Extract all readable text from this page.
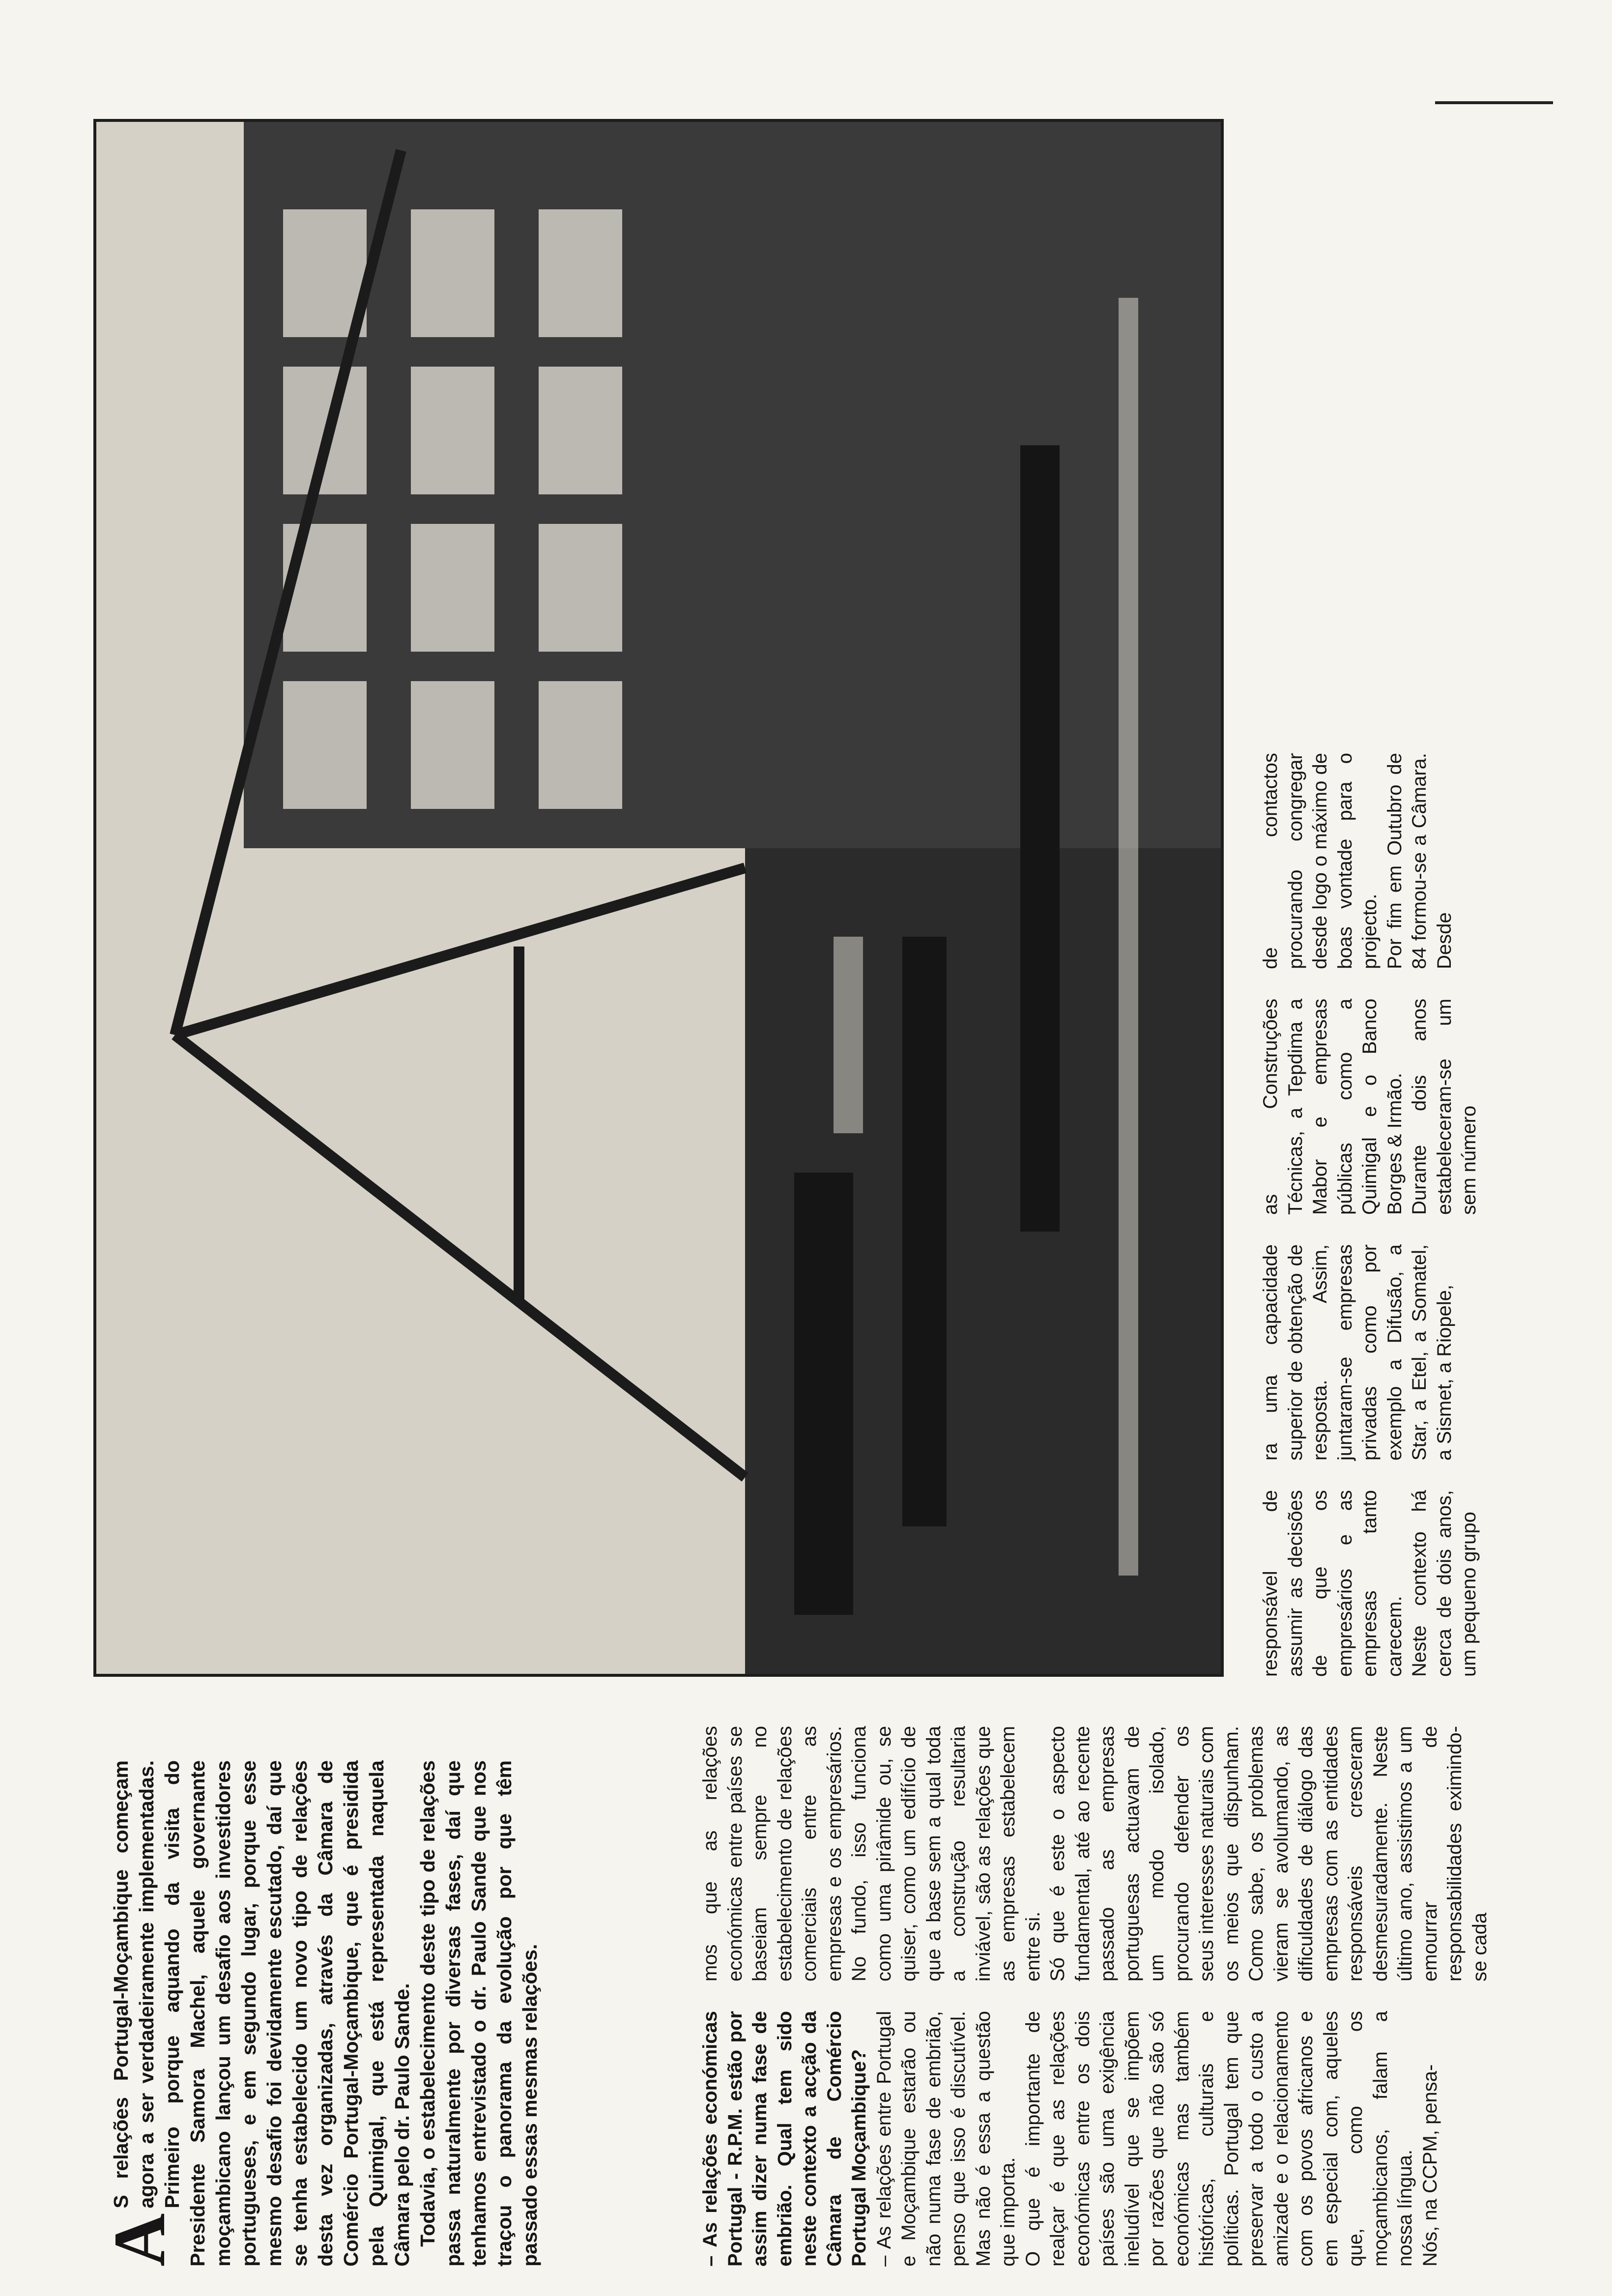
A

S relações Portugal-Moçambique começam agora a ser verdadeiramente implementadas. Primeiro porque aquando da visita do Presidente Samora Machel, aquele governante moçambicano lançou um desafio aos investidores portugueses, e em segundo lugar, porque esse mesmo desafio foi devidamente escutado, daí que se tenha estabelecido um novo tipo de relações desta vez organizadas, através da Câmara de Comércio Portugal-Moçambique, que é presidida pela Quimigal, que está representada naquela Câmara pelo dr. Paulo Sande. Todavia, o estabelecimento deste tipo de relações passa naturalmente por diversas fases, daí que tenhamos entrevistado o dr. Paulo Sande que nos traçou o panorama da evolução por que têm passado essas mesmas relações.	– As relações económicas Portugal - R.P.M. estão por assim dizer numa fase de embrião. Qual tem sido neste contexto a acção da Câmara de Comércio Portugal Moçambique? – As relações entre Portugal e Moçambique estarão ou não numa fase de embrião, penso que isso é discutível. Mas não é essa a questão que importa. O que é importante de realçar é que as relações económicas entre os dois países são uma exigência ineludível que se impõem por razões que não são só económicas mas também históricas, culturais e políticas. Portugal tem que preservar a todo o custo a amizade e o relacionamento com os povos africanos e em especial com, aqueles que, como os moçambicanos, falam a nossa língua. Nós, na CCPM, pensa-

mos que as relações económicas entre países se baseiam sempre no estabelecimento de relações comerciais entre as empresas e os empresários. No fundo, isso funciona como uma pirâmide ou, se quiser, como um edifício de que a base sem a qual toda a construção resultaria inviável, são as relações que as empresas estabelecem entre si. Só que é este o aspecto fundamental, até ao recente passado as empresas portuguesas actuavam de um modo isolado, procurando defender os seus interesses naturais com os meios que dispunham. Como sabe, os problemas vieram se avolumando, as dificuldades de diálogo das empresas com as entidades responsáveis cresceram desmesuradamente. Neste último ano, assistimos a um emourrar de responsabilidades eximindo-se cada

responsável de assumir as decisões de que os empresários e as empresas tanto carecem. Neste contexto há cerca de dois anos, um pequeno grupo

ra uma capacidade superior de obtenção de resposta. Assim, juntaram-se empresas privadas como por exemplo a Difusão, a Star, a Etel, a Somatel, a Sismet, a Riopele,

as Construções Técnicas, a Tepdima a Mabor e empresas públicas como a Quimigal e o Banco Borges & Irmão. Durante dois anos estabeleceram-se um sem número

de contactos procurando congregar desde logo o máximo de boas vontade para o projecto. Por fim em Outubro de 84 formou-se a Câmara. Desde
